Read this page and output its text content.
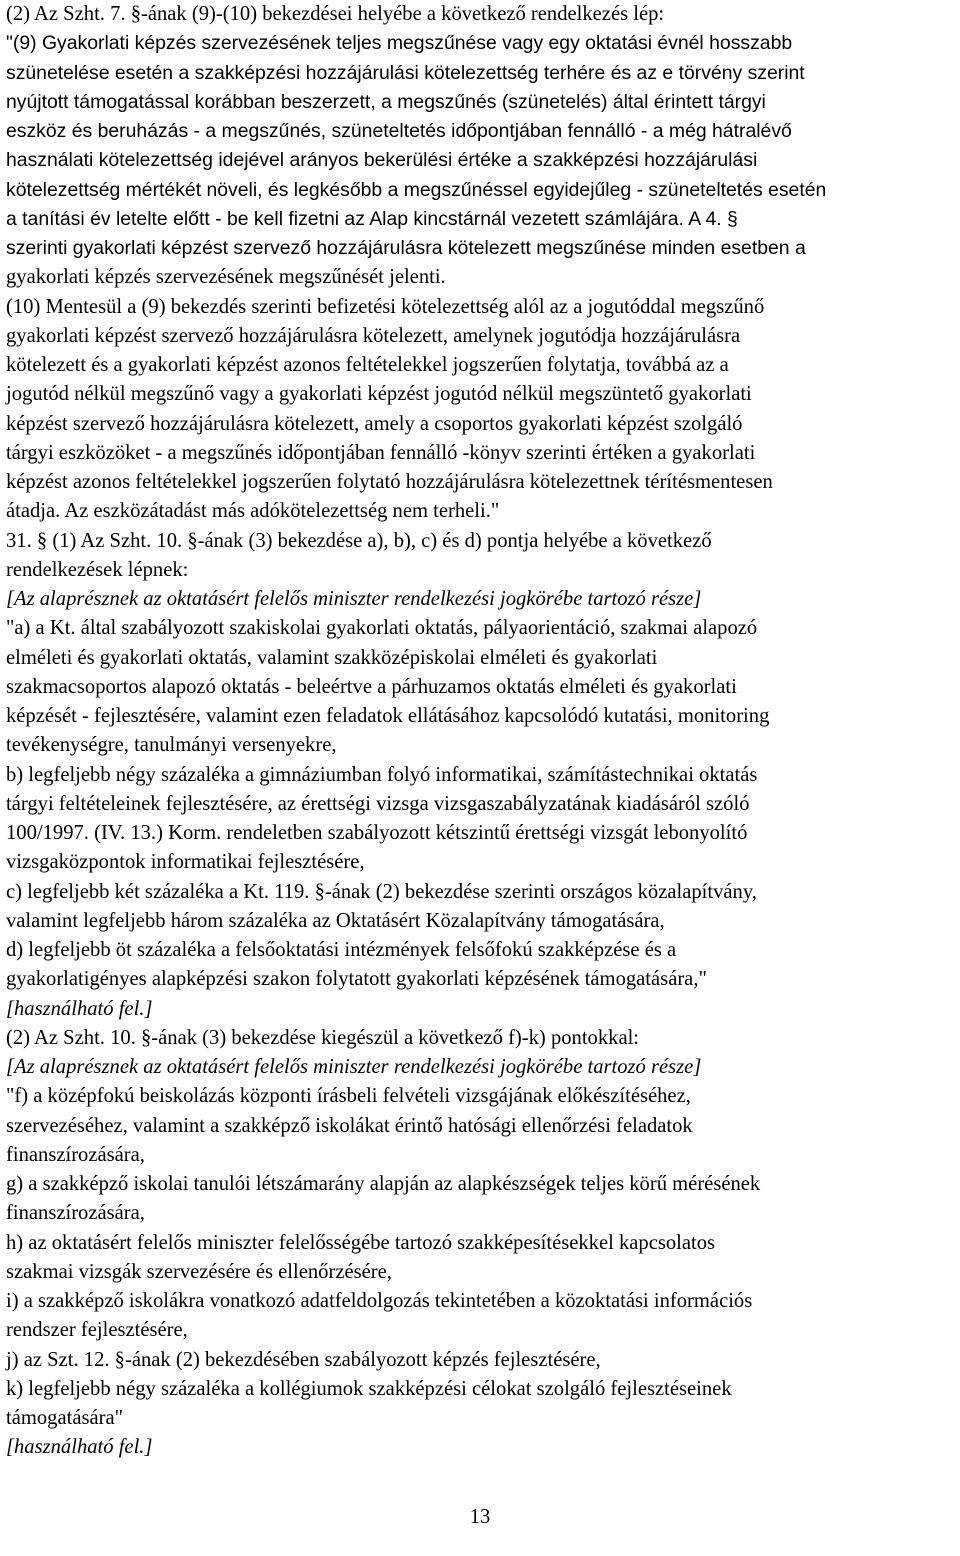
(2) Az Szht. 7. §-ának (9)-(10) bekezdései helyébe a következő rendelkezés lép:
"(9) Gyakorlati képzés szervezésének teljes megszűnése vagy egy oktatási évnél hosszabb
szünetelése esetén a szakképzési hozzájárulási kötelezettség terhére és az e törvény szerint
nyújtott támogatással korábban beszerzett, a megszűnés (szünetelés) által érintett tárgyi
eszköz és beruházás - a megszűnés, szüneteltetés időpontjában fennálló - a még hátralévő
használati kötelezettség idejével arányos bekerülési értéke a szakképzési hozzájárulási
kötelezettség mértékét növeli, és legkésőbb a megszűnéssel egyidejűleg - szüneteltetés esetén
a tanítási év letelte előtt - be kell fizetni az Alap kincstárnál vezetett számlájára. A 4. §
szerinti gyakorlati képzést szervező hozzájárulásra kötelezett megszűnése minden esetben a
gyakorlati képzés szervezésének megszűnését jelenti.
(10) Mentesül a (9) bekezdés szerinti befizetési kötelezettség alól az a jogutóddal megszűnő
gyakorlati képzést szervező hozzájárulásra kötelezett, amelynek jogutódja hozzájárulásra
kötelezett és a gyakorlati képzést azonos feltételekkel jogszerűen folytatja, továbbá az a
jogutód nélkül megszűnő vagy a gyakorlati képzést jogutód nélkül megszüntető gyakorlati
képzést szervező hozzájárulásra kötelezett, amely a csoportos gyakorlati képzést szolgáló
tárgyi eszközöket - a megszűnés időpontjában fennálló -könyv szerinti értéken a gyakorlati
képzést azonos feltételekkel jogszerűen folytató hozzájárulásra kötelezettnek térítésmentesen
átadja. Az eszközátadást más adókötelezettség nem terheli."
31. § (1) Az Szht. 10. §-ának (3) bekezdése a), b), c) és d) pontja helyébe a következő
rendelkezések lépnek:
[Az alaprésznek az oktatásért felelős miniszter rendelkezési jogkörébe tartozó része]
"a) a Kt. által szabályozott szakiskolai gyakorlati oktatás, pályaorientáció, szakmai alapozó
elméleti és gyakorlati oktatás, valamint szakközépiskolai elméleti és gyakorlati
szakmacsoportos alapozó oktatás - beleértve a párhuzamos oktatás elméleti és gyakorlati
képzését - fejlesztésére, valamint ezen feladatok ellátásához kapcsolódó kutatási, monitoring
tevékenységre, tanulmányi versenyekre,
b) legfeljebb négy százaléka a gimnáziumban folyó informatikai, számítástechnikai oktatás
tárgyi feltételeinek fejlesztésére, az érettségi vizsga vizsgaszabályzatának kiadásáról szóló
100/1997. (IV. 13.) Korm. rendeletben szabályozott kétszintű érettségi vizsgát lebonyolító
vizsgaközpontok informatikai fejlesztésére,
c) legfeljebb két százaléka a Kt. 119. §-ának (2) bekezdése szerinti országos közalapítvány,
valamint legfeljebb három százaléka az Oktatásért Közalapítvány támogatására,
d) legfeljebb öt százaléka a felsőoktatási intézmények felsőfokú szakképzése és a
gyakorlatigényes alapképzési szakon folytatott gyakorlati képzésének támogatására,"
[használható fel.]
(2) Az Szht. 10. §-ának (3) bekezdése kiegészül a következő f)-k) pontokkal:
[Az alaprésznek az oktatásért felelős miniszter rendelkezési jogkörébe tartozó része]
"f) a középfokú beiskolázás központi írásbeli felvételi vizsgájának előkészítéséhez,
szervezéséhez, valamint a szakképző iskolákat érintő hatósági ellenőrzési feladatok
finanszírozására,
g) a szakképző iskolai tanulói létszámarány alapján az alapkészségek teljes körű mérésének
finanszírozására,
h) az oktatásért felelős miniszter felelősségébe tartozó szakképesítésekkel kapcsolatos
szakmai vizsgák szervezésére és ellenőrzésére,
i) a szakképző iskolákra vonatkozó adatfeldolgozás tekintetében a közoktatási információs
rendszer fejlesztésére,
j) az Szt. 12. §-ának (2) bekezdésében szabályozott képzés fejlesztésére,
k) legfeljebb négy százaléka a kollégiumok szakképzési célokat szolgáló fejlesztéseinek
támogatására"
[használható fel.]
13
